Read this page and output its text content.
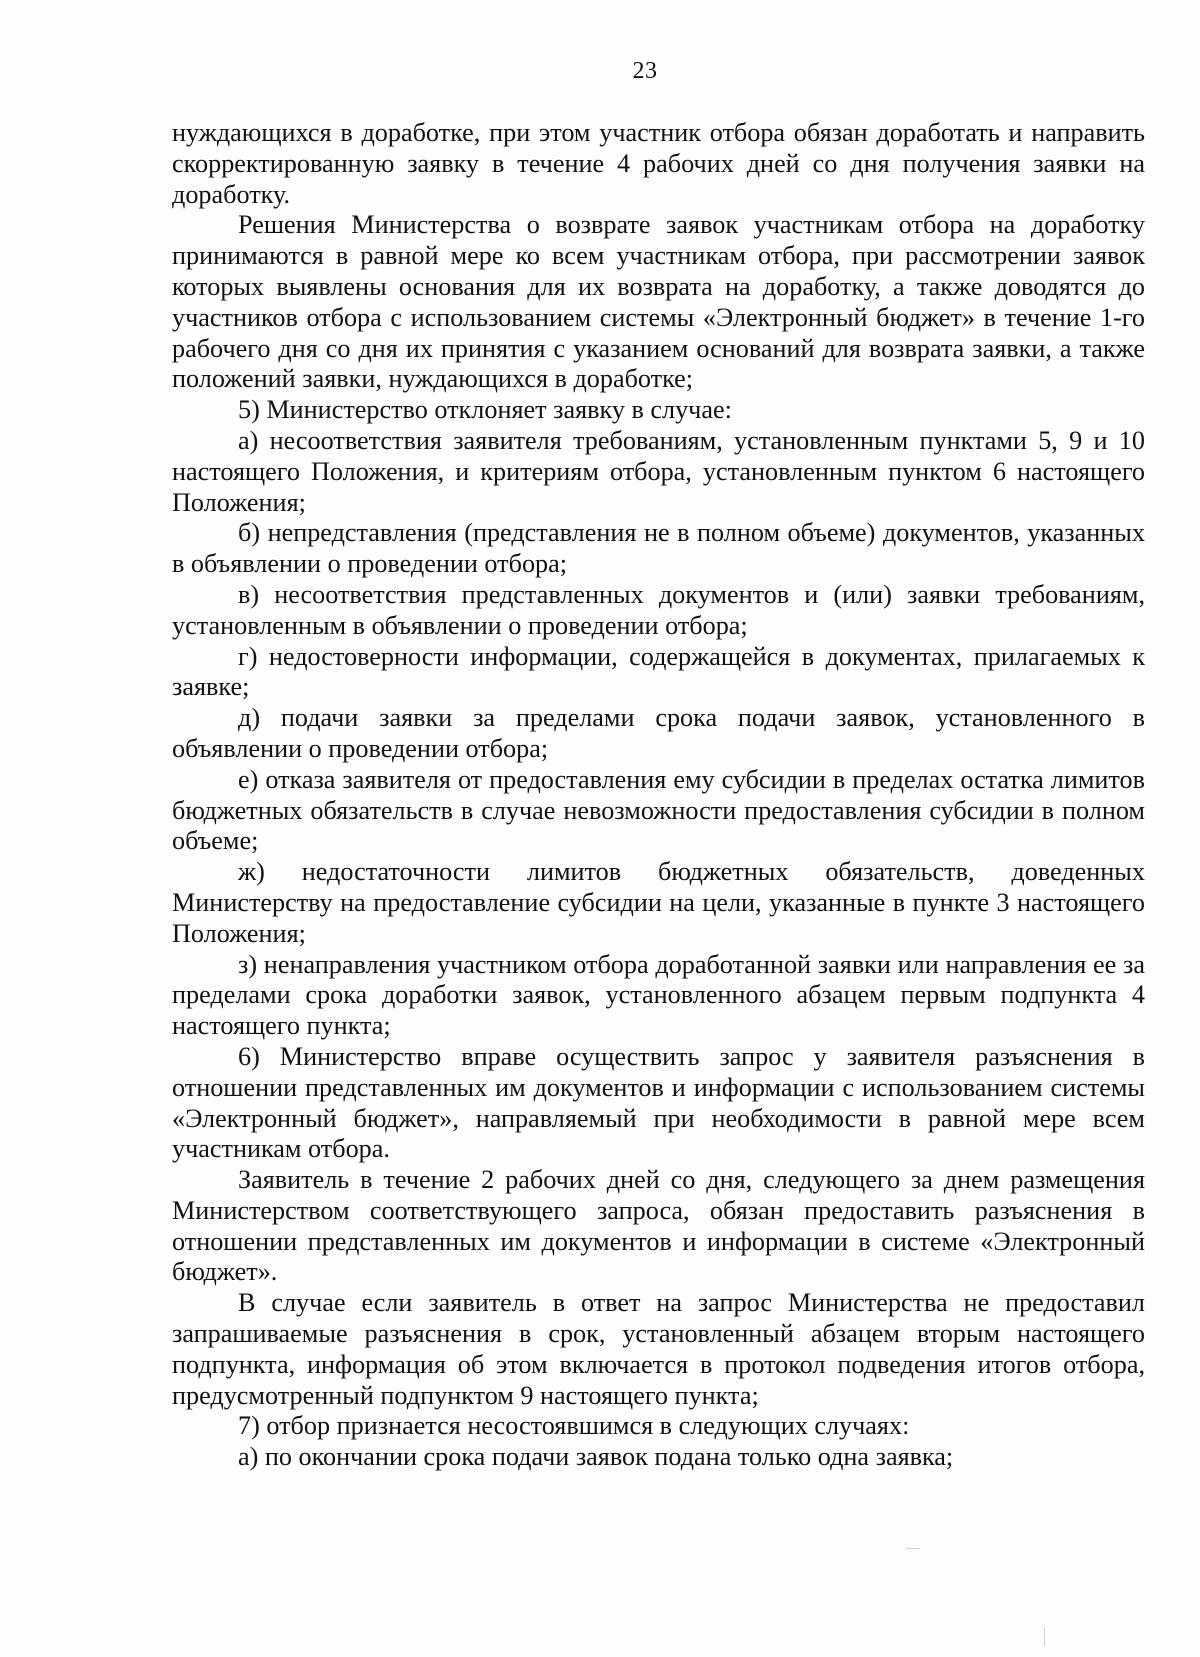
23

нуждающихся в доработке, при этом участник отбора обязан доработать и направить скорректированную заявку в течение 4 рабочих дней со дня получения заявки на доработку.

Решения Министерства о возврате заявок участникам отбора на доработку принимаются в равной мере ко всем участникам отбора, при рассмотрении заявок которых выявлены основания для их возврата на доработку, а также доводятся до участников отбора с использованием системы «Электронный бюджет» в течение 1-го рабочего дня со дня их принятия с указанием оснований для возврата заявки, а также положений заявки, нуждающихся в доработке;

5) Министерство отклоняет заявку в случае:

а) несоответствия заявителя требованиям, установленным пунктами 5, 9 и 10 настоящего Положения, и критериям отбора, установленным пунктом 6 настоящего Положения;

б) непредставления (представления не в полном объеме) документов, указанных в объявлении о проведении отбора;

в) несоответствия представленных документов и (или) заявки требованиям, установленным в объявлении о проведении отбора;

г) недостоверности информации, содержащейся в документах, прилагаемых к заявке;

д) подачи заявки за пределами срока подачи заявок, установленного в объявлении о проведении отбора;

е) отказа заявителя от предоставления ему субсидии в пределах остатка лимитов бюджетных обязательств в случае невозможности предоставления субсидии в полном объеме;

ж) недостаточности лимитов бюджетных обязательств, доведенных Министерству на предоставление субсидии на цели, указанные в пункте 3 настоящего Положения;

з) ненаправления участником отбора доработанной заявки или направления ее за пределами срока доработки заявок, установленного абзацем первым подпункта 4 настоящего пункта;

6) Министерство вправе осуществить запрос у заявителя разъяснения в отношении представленных им документов и информации с использованием системы «Электронный бюджет», направляемый при необходимости в равной мере всем участникам отбора.

Заявитель в течение 2 рабочих дней со дня, следующего за днем размещения Министерством соответствующего запроса, обязан предоставить разъяснения в отношении представленных им документов и информации в системе «Электронный бюджет».

В случае если заявитель в ответ на запрос Министерства не предоставил запрашиваемые разъяснения в срок, установленный абзацем вторым настоящего подпункта, информация об этом включается в протокол подведения итогов отбора, предусмотренный подпунктом 9 настоящего пункта;

7) отбор признается несостоявшимся в следующих случаях:

а) по окончании срока подачи заявок подана только одна заявка;
